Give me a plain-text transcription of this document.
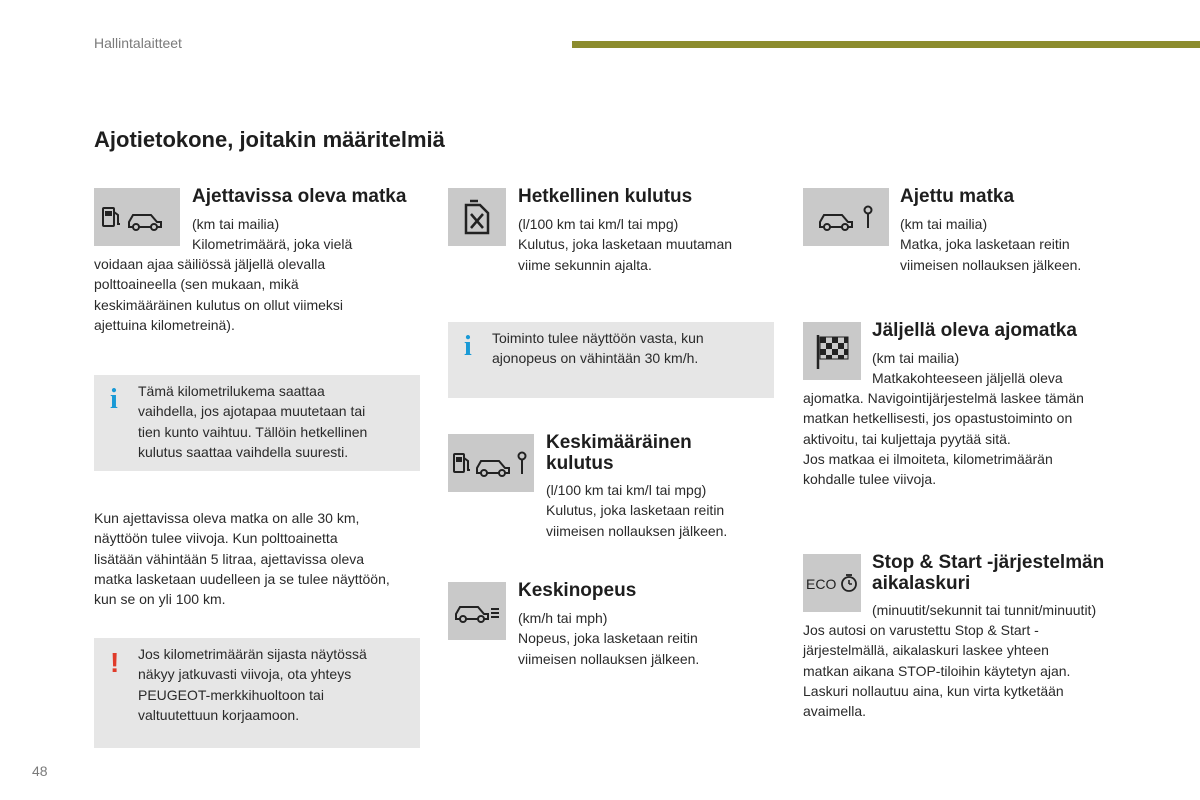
Hallintalaitteet
Ajotietokone, joitakin määritelmiä
Ajettavissa oleva matka
(km tai mailia)
Kilometrimäärä, joka vielä

voidaan ajaa säiliössä jäljellä olevalla

polttoaineella (sen mukaan, mikä

keskimääräinen kulutus on ollut viimeksi

ajettuina kilometreinä).

i Tämä kilometrilukema saattaa
vaihdella, jos ajotapaa muutetaan tai
tien kunto vaihtuu. Tällöin hetkellinen
kulutus saattaa vaihdella suuresti.

Kun ajettavissa oleva matka on alle 30 km,

näyttöön tulee viivoja. Kun polttoainetta

lisätään vähintään 5 litraa, ajettavissa oleva

matka lasketaan uudelleen ja se tulee näyttöön,

kun se on yli 100 km.

! Jos kilometrimäärän sijasta näytössä
näkyy jatkuvasti viivoja, ota yhteys
PEUGEOT-merkkihuoltoon tai
valtuutettuun korjaamoon.
Hetkellinen kulutus

(l/100 km tai km/l tai mpg)

Kulutus, joka lasketaan muutaman

viime sekunnin ajalta.

i Toiminto tulee näyttöön vasta, kun
ajonopeus on vähintään 30 km/h.
Keskimääräinen
kulutus

(l/100 km tai km/l tai mpg)

Kulutus, joka lasketaan reitin

viimeisen nollauksen jälkeen.

Keskinopeus

(km/h tai mph)

Nopeus, joka lasketaan reitin

viimeisen nollauksen jälkeen.

Ajettu matka

(km tai mailia)

Matka, joka lasketaan reitin

viimeisen nollauksen jälkeen.

Jäljellä oleva ajomatka
(km tai mailia)
Matkakohteeseen jäljellä oleva

ajomatka. Navigointijärjestelmä laskee tämän

matkan hetkellisesti, jos opastustoiminto on

aktivoitu, tai kuljettaja pyytää sitä.

Jos matkaa ei ilmoiteta, kilometrimäärän

kohdalle tulee viivoja.

ECO
Stop & Start -järjestelmän
aikalaskuri
(minuutit/sekunnit tai tunnit/minuutit)

Jos autosi on varustettu Stop & Start -

järjestelmällä, aikalaskuri laskee yhteen

matkan aikana STOP-tiloihin käytetyn ajan.

Laskuri nollautuu aina, kun virta kytketään

avaimella.

48
